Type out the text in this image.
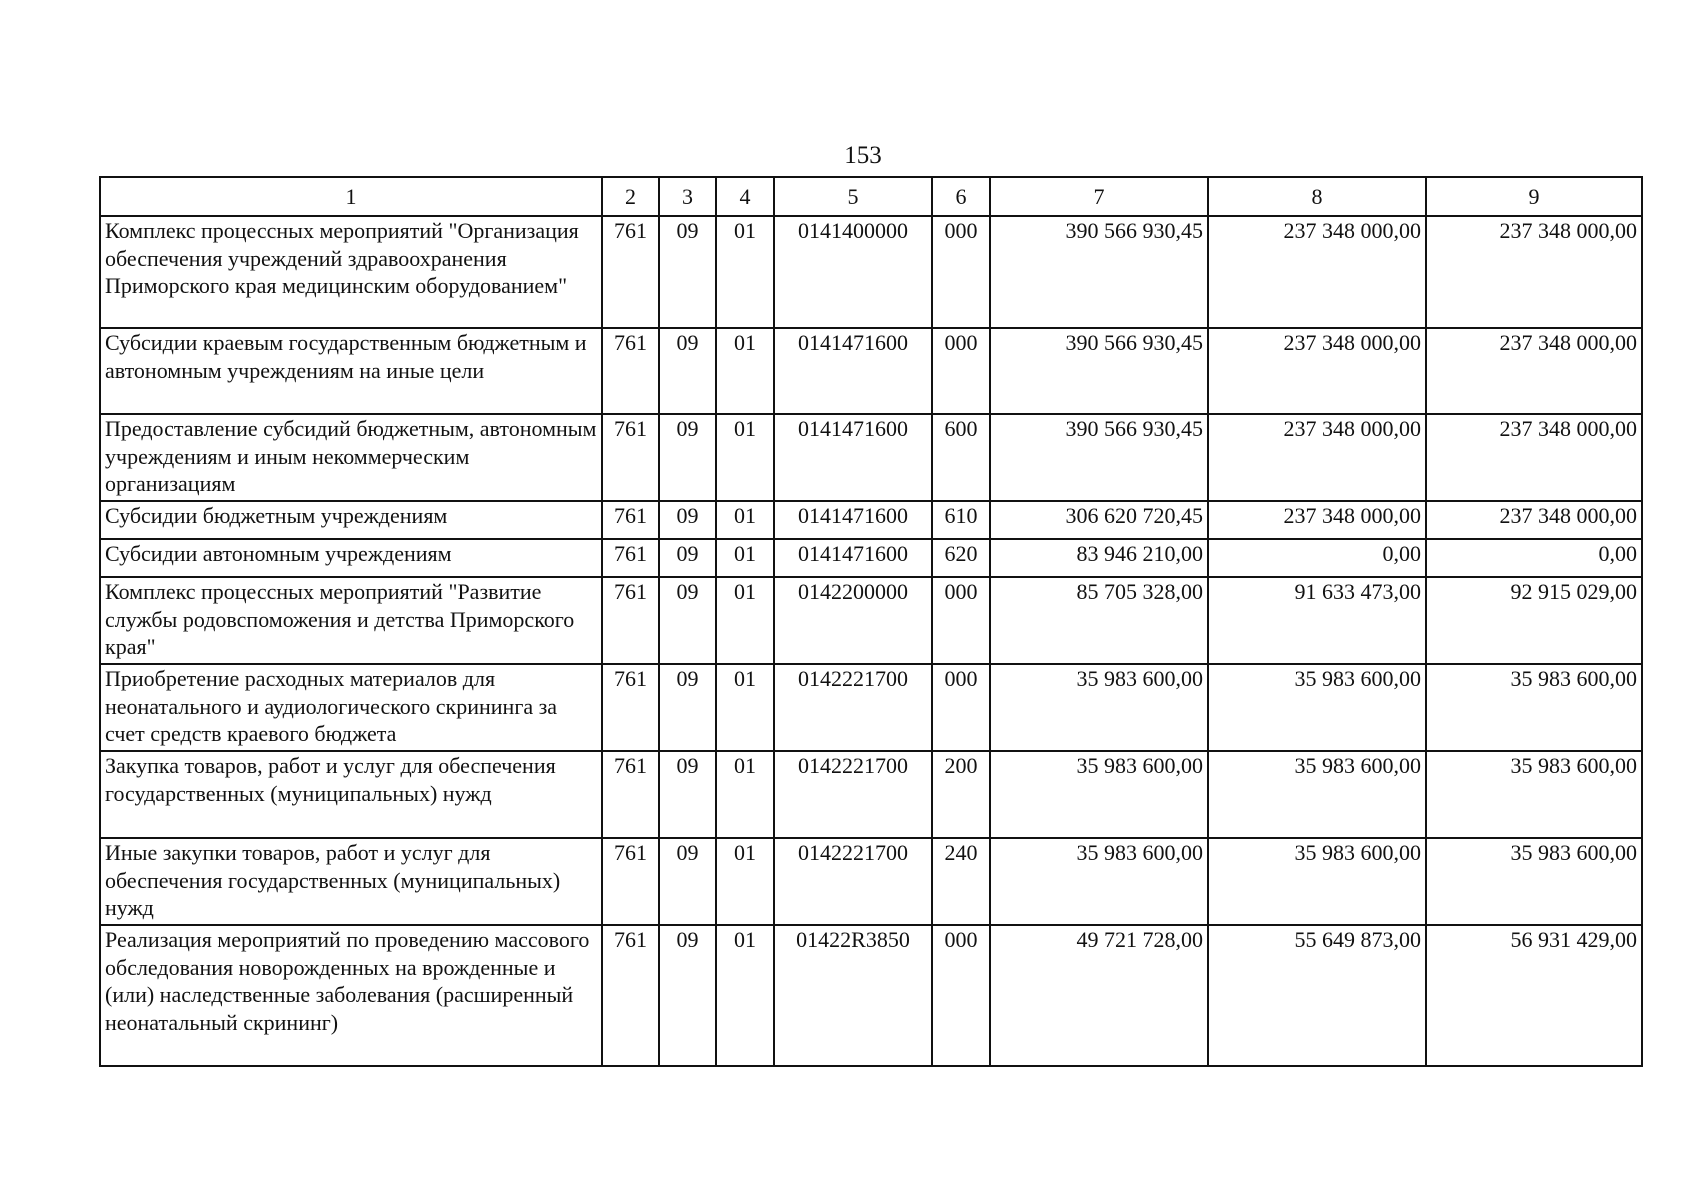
153
1	2	3	4	5	6	7	8	9
Комплекс процессных мероприятий "Организация обеспечения учреждений здравоохранения Приморского края медицинским оборудованием"	761	09	01	0141400000	000	390 566 930,45	237 348 000,00	237 348 000,00
Субсидии краевым государственным бюджетным и автономным учреждениям на иные цели	761	09	01	0141471600	000	390 566 930,45	237 348 000,00	237 348 000,00
Предоставление субсидий бюджетным, автономным учреждениям и иным некоммерческим организациям	761	09	01	0141471600	600	390 566 930,45	237 348 000,00	237 348 000,00
Субсидии бюджетным учреждениям	761	09	01	0141471600	610	306 620 720,45	237 348 000,00	237 348 000,00
Субсидии автономным учреждениям	761	09	01	0141471600	620	83 946 210,00	0,00	0,00
Комплекс процессных мероприятий "Развитие службы родовспоможения и детства Приморского края"	761	09	01	0142200000	000	85 705 328,00	91 633 473,00	92 915 029,00
Приобретение расходных материалов для неонатального и аудиологического скрининга за счет средств краевого бюджета	761	09	01	0142221700	000	35 983 600,00	35 983 600,00	35 983 600,00
Закупка товаров, работ и услуг для обеспечения государственных (муниципальных) нужд	761	09	01	0142221700	200	35 983 600,00	35 983 600,00	35 983 600,00
Иные закупки товаров, работ и услуг для обеспечения государственных (муниципальных) нужд	761	09	01	0142221700	240	35 983 600,00	35 983 600,00	35 983 600,00
Реализация мероприятий по проведению массового обследования новорожденных на врожденные и (или) наследственные заболевания (расширенный неонатальный скрининг)	761	09	01	01422R3850	000	49 721 728,00	55 649 873,00	56 931 429,00
